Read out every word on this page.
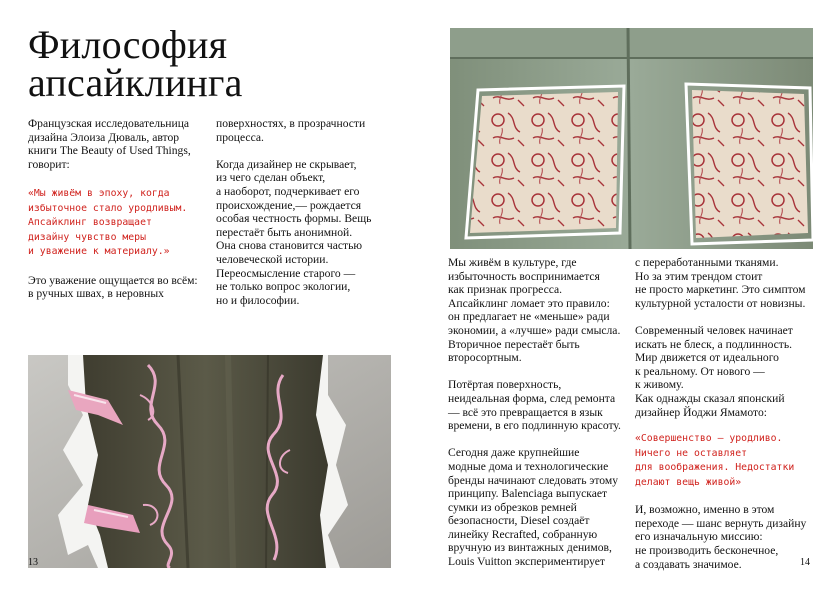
Философия
апсайклинга

Французская исследовательница

дизайна Элоиза Дюваль, автор

книги The Beauty of Used Things,

говорит:

«Мы живём в эпоху, когда

избыточное стало уродливым.

Апсайклинг возвращает

дизайну чувство меры

и уважение к материалу.»

Это уважение ощущается во всём:

в ручных швах, в неровных

поверхностях, в прозрачности

процесса.

Когда дизайнер не скрывает,

из чего сделан объект,

а наоборот, подчеркивает его

происхождение,— рождается

особая честность формы. Вещь

перестаёт быть анонимной.

Она снова становится частью

человеческой истории.

Переосмысление старого —

не только вопрос экологии,

но и философии.

13

Мы живём в культуре, где

избыточность воспринимается

как признак прогресса.

Апсайклинг ломает это правило:

он предлагает не «меньше» ради

экономии, а «лучше» ради смысла.

Вторичное перестаёт быть

второсортным.

Потёртая поверхность,

неидеальная форма, след ремонта

— всё это превращается в язык

времени, в его подлинную красоту.

Сегодня даже крупнейшие

модные дома и технологические

бренды начинают следовать этому

принципу. Balenciaga выпускает

сумки из обрезков ремней

безопасности, Diesel создаёт

линейку Recrafted, собранную

вручную из винтажных денимов,

Louis Vuitton экспериментирует

с переработанными тканями.

Но за этим трендом стоит

не просто маркетинг. Это симптом

культурной усталости от новизны.

Современный человек начинает

искать не блеск, а подлинность.

Мир движется от идеального

к реальному. От нового —

к живому.

Как однажды сказал японский

дизайнер Йоджи Ямамото:

«Совершенство — уродливо.

Ничего не оставляет

для воображения. Недостатки

делают вещь живой»

И, возможно, именно в этом

переходе — шанс вернуть дизайну

его изначальную миссию:

не производить бесконечное,

а создавать значимое.	14
